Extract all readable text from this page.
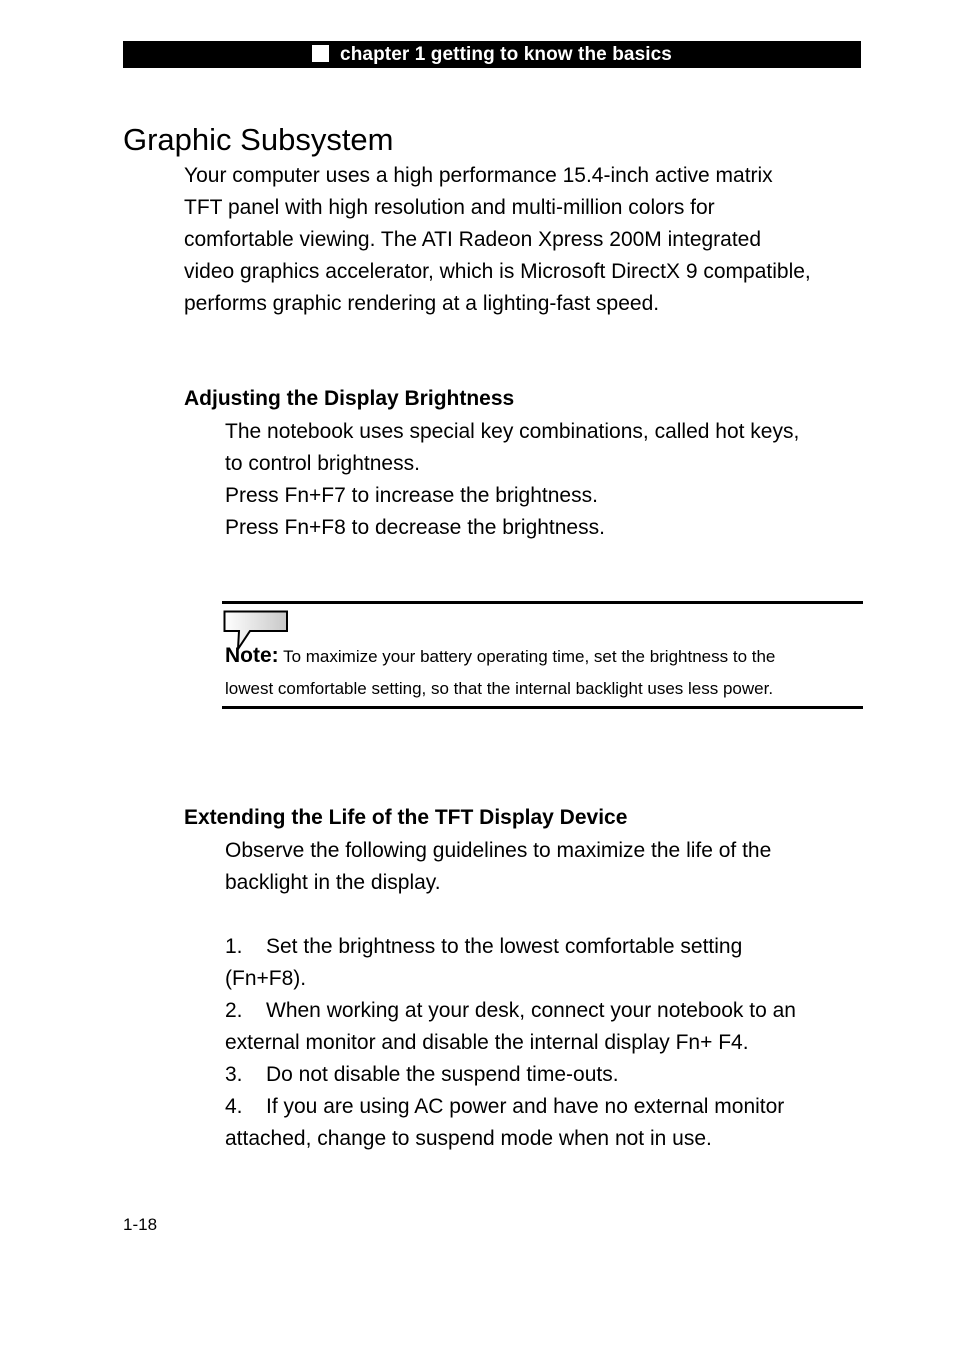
chapter 1 getting to know the basics
Graphic Subsystem
Your computer uses a high performance 15.4-inch active matrix
TFT panel with high resolution and multi-million colors for
comfortable viewing. The ATI Radeon Xpress 200M integrated
video graphics accelerator, which is Microsoft DirectX 9 compatible,
performs graphic rendering at a lighting-fast speed.
Adjusting the Display Brightness
The notebook uses special key combinations, called hot keys,
to control brightness.
Press Fn+F7 to increase the brightness.
Press Fn+F8 to decrease the brightness.
Note: To maximize your battery operating time, set the brightness to the
lowest comfortable setting, so that the internal backlight uses less power.
Extending the Life of the TFT Display Device
Observe the following guidelines to maximize the life of the
backlight in the display.
1. Set the brightness to the lowest comfortable setting
(Fn+F8).
2. When working at your desk, connect your notebook to an
external monitor and disable the internal display Fn+ F4.
3. Do not disable the suspend time-outs.
4. If you are using AC power and have no external monitor
attached, change to suspend mode when not in use.
1-18
